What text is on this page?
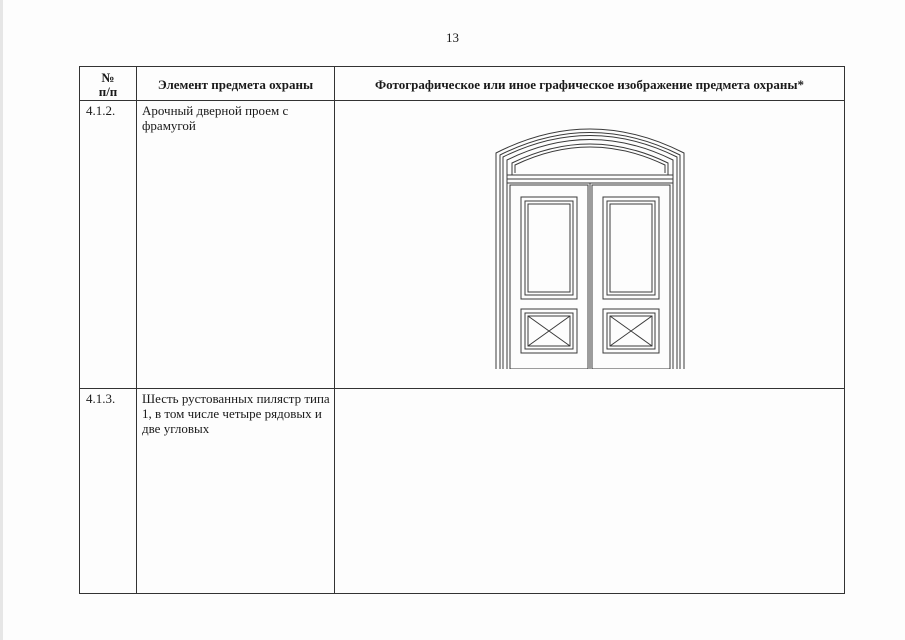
13
№
п/п	Элемент предмета охраны	Фотографическое или иное графическое изображение предмета охраны*
4.1.2.	Арочный дверной проем с фрамугой	

4.1.3.	Шесть рустованных пилястр типа 1, в том числе четыре рядовых и две угловых	
